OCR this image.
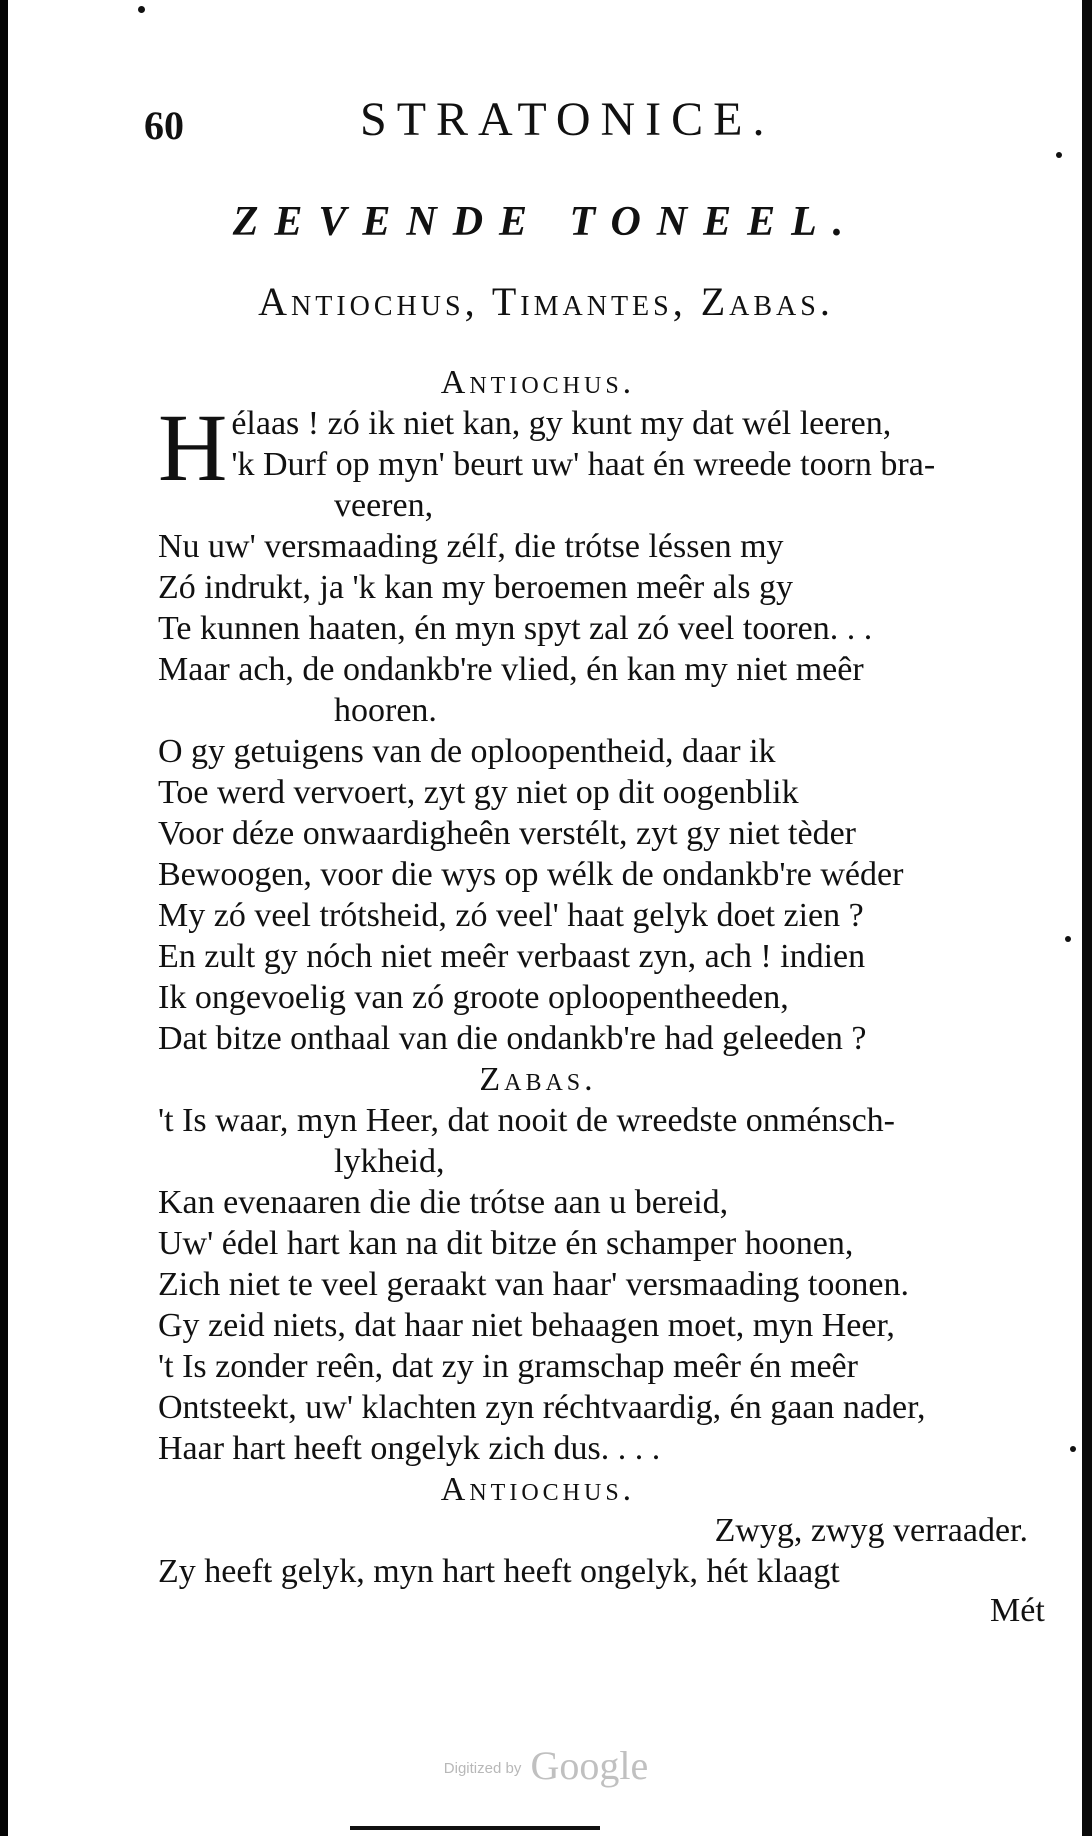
60	STRATONICE.
ZEVENDE TONEEL.
Antiochus, Timantes, Zabas.
Antiochus.
Hélaas ! zó ik niet kan, gy kunt my dat wél leeren,
'k Durf op myn' beurt uw' haat én wreede toorn bra-
veeren,
Nu uw' versmaading zélf, die trótse léssen my
Zó indrukt, ja 'k kan my beroemen meêr als gy
Te kunnen haaten, én myn spyt zal zó veel tooren. . .
Maar ach, de ondankb're vlied, én kan my niet meêr
hooren.
O gy getuigens van de oploopentheid, daar ik
Toe werd vervoert, zyt gy niet op dit oogenblik
Voor déze onwaardigheên verstélt, zyt gy niet tèder
Bewoogen, voor die wys op wélk de ondankb're wéder
My zó veel trótsheid, zó veel' haat gelyk doet zien ?
En zult gy nóch niet meêr verbaast zyn, ach ! indien
Ik ongevoelig van zó groote oploopentheeden,
Dat bitze onthaal van die ondankb're had geleeden ?
Zabas.
't Is waar, myn Heer, dat nooit de wreedste onménsch-
lykheid,
Kan evenaaren die die trótse aan u bereid,
Uw' édel hart kan na dit bitze én schamper hoonen,
Zich niet te veel geraakt van haar' versmaading toonen.
Gy zeid niets, dat haar niet behaagen moet, myn Heer,
't Is zonder reên, dat zy in gramschap meêr én meêr
Ontsteekt, uw' klachten zyn réchtvaardig, én gaan nader,
Haar hart heeft ongelyk zich dus. . . .
Antiochus.
Zwyg, zwyg verraader.
Zy heeft gelyk, myn hart heeft ongelyk, hét klaagt
Mét
Digitized by Google
